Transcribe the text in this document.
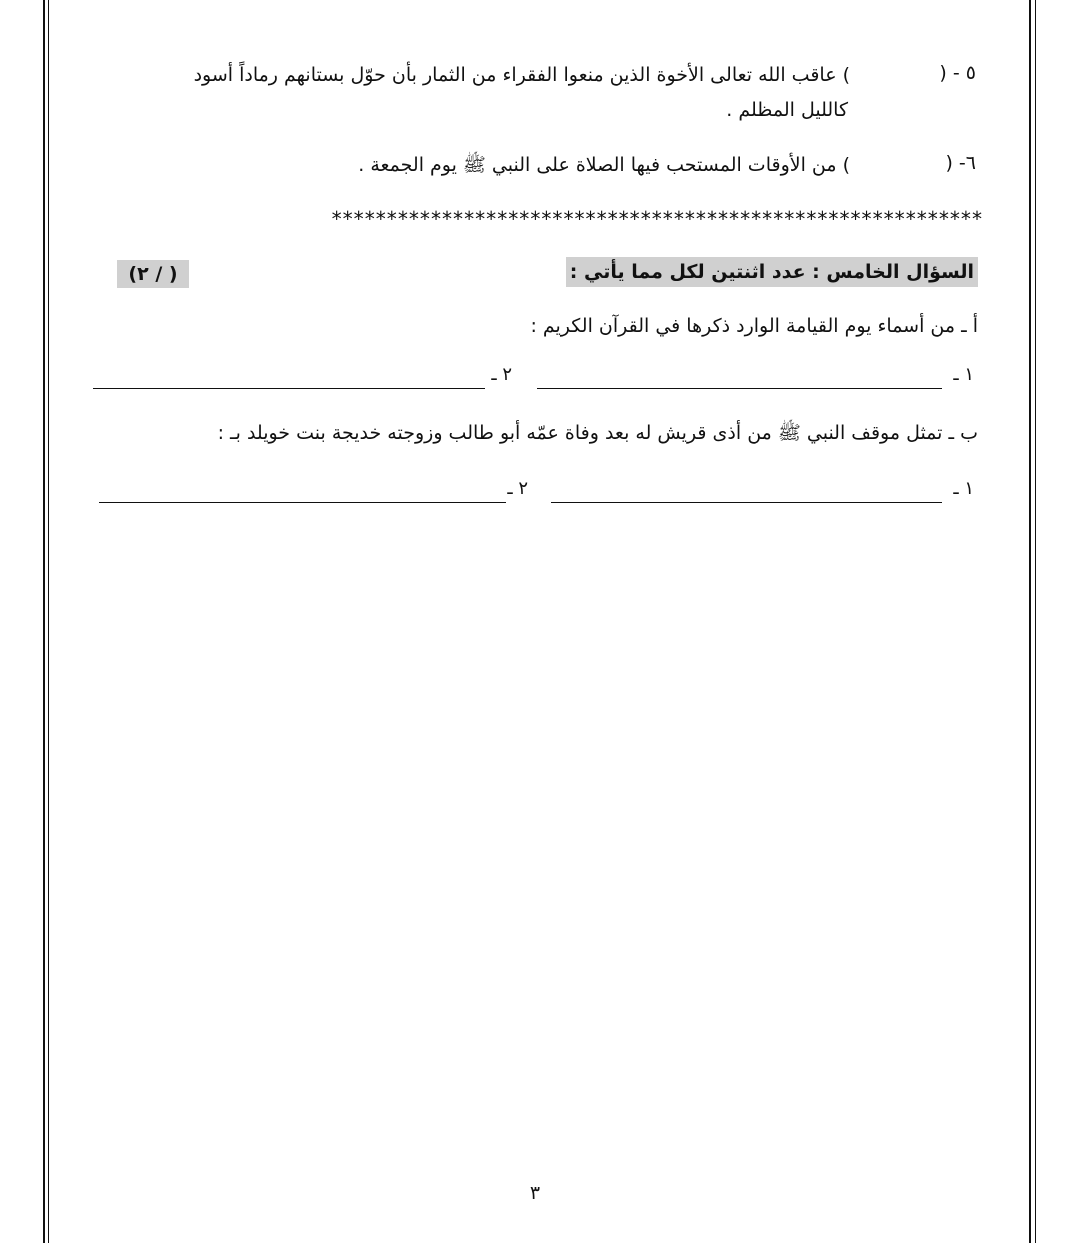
٥ - (
) عاقب الله تعالى الأخوة الذين منعوا الفقراء من الثمار بأن حوّل بستانهم رماداً أسود
كالليل المظلم .
٦- (
) من الأوقات المستحب فيها الصلاة على النبي ﷺ يوم الجمعة .
***********************************************************
السؤال الخامس : عدد اثنتين لكل مما يأتي :
( / ٢)
أ ـ من أسماء يوم القيامة الوارد ذكرها في القرآن الكريم :
١ ـ
٢ ـ
ب ـ تمثل موقف النبي ﷺ من أذى قريش له بعد وفاة عمّه أبو طالب وزوجته خديجة بنت خويلد بـ :
١ ـ
٢ ـ
٣
